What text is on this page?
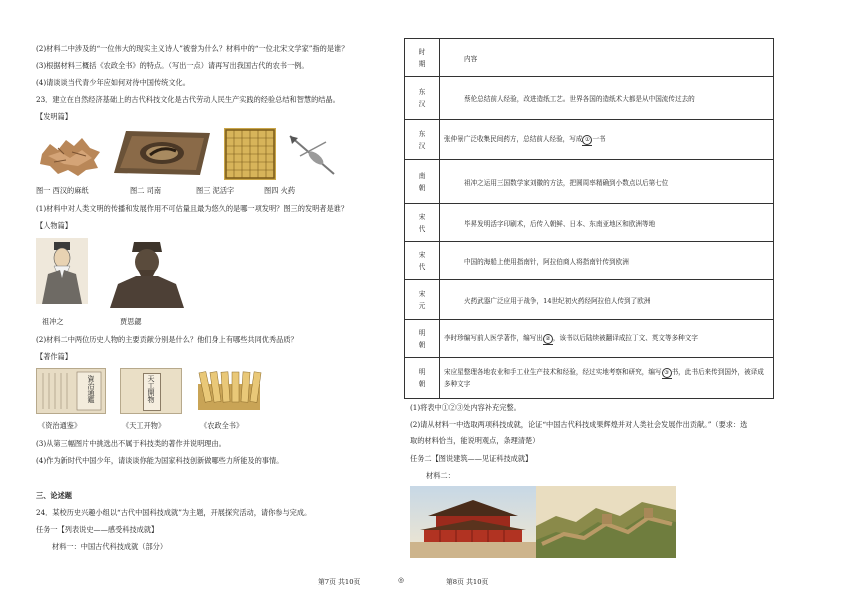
(2)材料二中涉及的“一位伟大的现实主义诗人”被誉为什么？材料中的“一位北宋文学家”指的是谁？
(3)根据材料三概括《农政全书》的特点。（写出一点）请再写出我国古代的农书一例。
(4)请谈谈当代青少年应如何对待中国传统文化。
23．建立在自然经济基础上的古代科技文化是古代劳动人民生产实践的经验总结和智慧的结晶。
【发明篇】
图一 西汉的麻纸	图二 司南	图三 泥活字	图四 火药
(1)材料中对人类文明的传播和发展作用不可估量且最为悠久的是哪一项发明？图三的发明者是谁？
【人物篇】
祖冲之	贾思勰
(2)材料二中两位历史人物的主要贡献分别是什么？他们身上有哪些共同优秀品质？
【著作篇】
資治通鑑	天工開物
《资治通鉴》	《天工开物》	《农政全书》
(3)从第三幅图片中挑选出不属于科技类的著作并说明理由。
(4)作为新时代中国少年，请谈谈你能为国家科技创新做哪些力所能及的事情。
三、论述题
24．某校历史兴趣小组以“古代中国科技成就”为主题，开展探究活动，请你参与完成。
任务一【列表说史——感受科技成就】
材料一：中国古代科技成就（部分）
时
期	内容

东
汉	蔡伦总结前人经验，改进造纸工艺。世界各国的造纸术大都是从中国流传过去的

东
汉	张仲景广泛收集民间药方，总结前人经验，写成 ① 一书

南
朝	祖冲之运用三国数学家刘徽的方法，把圆周率精确到小数点以后第七位

宋
代	毕昇发明活字印刷术，后传入朝鲜、日本、东南亚地区和欧洲等地

宋
代	中国的海船上使用指南针，阿拉伯商人将指南针传到欧洲

宋
元	火药武器广泛应用于战争，14世纪初火药经阿拉伯人传到了欧洲

明
朝	李时珍编写前人医学著作，编写出 ② ，该书以后陆续被翻译成拉丁文、英文等多种文字

明
朝	宋应星整理各地农业和手工业生产技术和经验，经过实地考察和研究，编写 ③ 书，此书后来传到国外，被译成多种文字
(1)将表中①②③处内容补充完整。
(2)请从材料一中选取两项科技成就，论证“中国古代科技成果辉煌并对人类社会发展作出贡献。”（要求：选
取的材料恰当，能说明观点，条理清楚）
任务二【图说建筑——见证科技成就】
材料二：
第7页 共10页	◎	第8页 共10页
